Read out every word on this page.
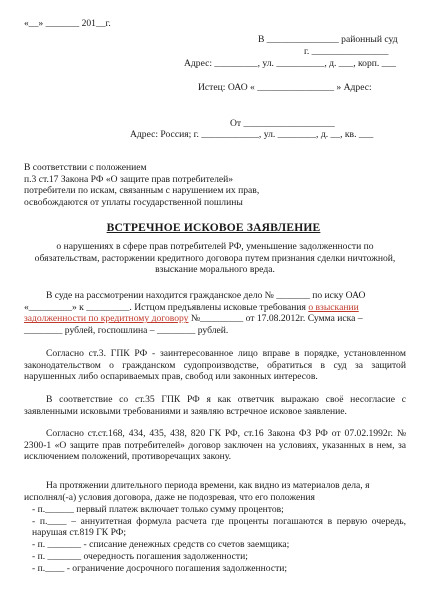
«__» _______ 201__г.
В _______________ районный суд
г. ________________
Адрес: _________, ул. __________, д. ___, корп. ___
Истец: ОАО « ________________ » Адрес:
От ___________________
Адрес: Россия; г. ____________, ул. ________, д. __, кв. ___
В соответствии с положением
п.3 ст.17 Закона РФ «О защите прав потребителей»
потребители по искам, связанным с нарушением их прав,
освобождаются от уплаты государственной пошлины
ВСТРЕЧНОЕ ИСКОВОЕ ЗАЯВЛЕНИЕ
о нарушениях в сфере прав потребителей РФ, уменьшение задолженности по обязательствам, расторжении кредитного договора путем признания сделки ничтожной, взыскание морального вреда.
В суде на рассмотрении находится гражданское дело № _______ по иску ОАО
«_________» к _________. Истцом предъявлены исковые требования о взыскании
задолженности по кредитному договору №_________ от 17.08.2012г. Сумма иска –
________ рублей, госпошлина – ________ рублей.
Согласно ст.3. ГПК РФ - заинтересованное лицо вправе в порядке, установленном законодательством о гражданском судопроизводстве, обратиться в суд за защитой нарушенных либо оспариваемых прав, свобод или законных интересов.
В соответствие со ст.35 ГПК РФ я как ответчик выражаю своё несогласие с заявленными исковыми требованиями и заявляю встречное исковое заявление.
Согласно ст.ст.168, 434, 435, 438, 820 ГК РФ, ст.16 Закона ФЗ РФ от 07.02.1992г. № 2300-1 «О защите прав потребителей» договор заключен на условиях, указанных в нем, за исключением положений, противоречащих закону.
На протяжении длительного периода времени, как видно из материалов дела, я
исполнял(-а) условия договора, даже не подозревая, что его положения
- п.______ первый платеж включает только сумму процентов;
- п.____ – аннуитетная формула расчета где проценты погашаются в первую очередь, нарушая ст.819 ГК РФ;
- п. _______ - списание денежных средств со счетов заемщика;
- п. _______ очередность погашения задолженности;
- п.____ - ограничение досрочного погашения задолженности;
